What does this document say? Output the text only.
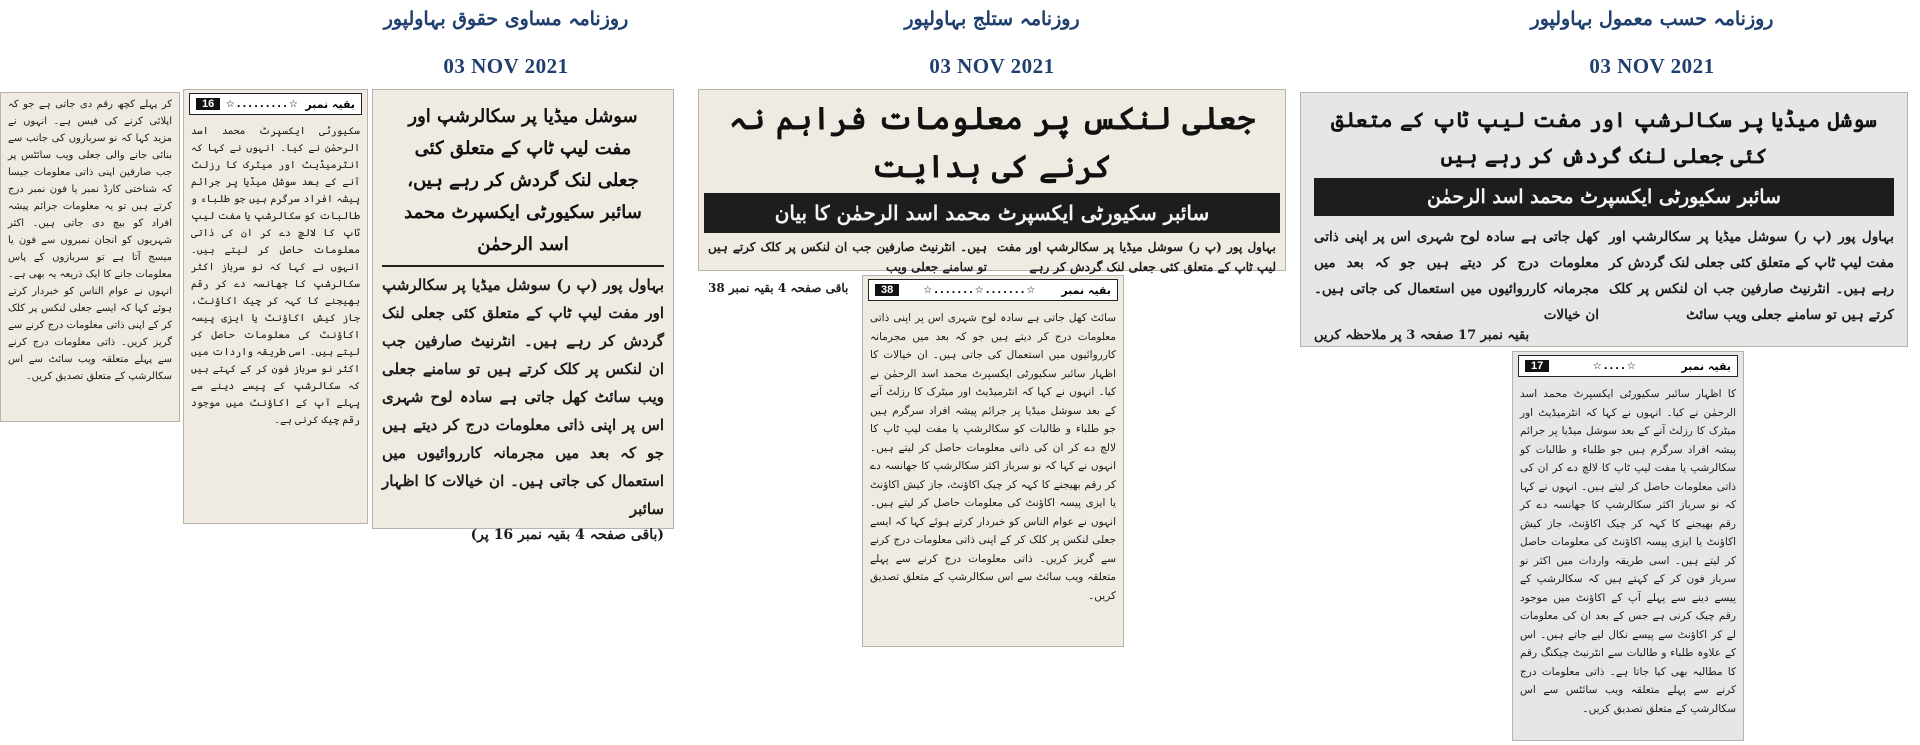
روزنامہ مساوی حقوق بہاولپور
03 NOV 2021
روزنامہ ستلج بہاولپور
03 NOV 2021
روزنامہ حسب معمول بہاولپور
03 NOV 2021
کر پہلے کچھ رقم دی جاتی ہے جو کہ اپلائی کرنے کی فیس ہے۔ انہوں نے مزید کہا کہ نو سربازوں کی جانب سے بنائی جانے والی جعلی ویب سائٹس پر جب صارفین اپنی ذاتی معلومات جیسا کہ شناختی کارڈ نمبر یا فون نمبر درج کرتے ہیں تو یہ معلومات جرائم پیشہ افراد کو بیچ دی جاتی ہیں۔ اکثر شہریوں کو انجان نمبروں سے فون یا میسج آتا ہے تو سربازوں کے پاس معلومات جانے کا ایک ذریعہ یہ بھی ہے۔ انہوں نے عوام الناس کو خبردار کرتے ہوئے کہا کہ ایسے جعلی لنکس پر کلک کر کے اپنی ذاتی معلومات درج کرنے سے گریز کریں۔ ذاتی معلومات درج کرنے سے پہلے متعلقہ ویب سائٹ سے اس سکالرشپ کے متعلق تصدیق کریں۔
16	☆.........☆ بقیہ نمبر
سکیورٹی ایکسپرٹ محمد اسد الرحمٰن نے کیا۔ انہوں نے کہا کہ انٹرمیڈیٹ اور میٹرک کا رزلٹ آنے کے بعد سوشل میڈیا پر جرائم پیشہ افراد سرگرم ہیں جو طلباء و طالبات کو سکالرشپ یا مفت لیپ ٹاپ کا لالچ دے کر ان کی ذاتی معلومات حاصل کر لیتے ہیں۔ انہوں نے کہا کہ نو سرباز اکثر سکالرشپ کا جھانسہ دے کر رقم بھیجنے کا کہہ کر چیک اکاؤنٹ، جاز کیش اکاؤنٹ یا ایزی پیسہ اکاؤنٹ کی معلومات حاصل کر لیتے ہیں۔ اسی طریقہ واردات میں اکثر نو سرباز فون کر کے کہتے ہیں کہ سکالرشپ کے پیسے دینے سے پہلے آپ کے اکاؤنٹ میں موجود رقم چیک کرنی ہے۔
سوشل میڈیا پر سکالرشپ اور مفت لیپ ٹاپ کے متعلق کئی جعلی لنک گردش کر رہے ہیں، سائبر سکیورٹی ایکسپرٹ محمد اسد الرحمٰن
بہاول پور (پ ر) سوشل میڈیا پر سکالرشپ اور مفت لیپ ٹاپ کے متعلق کئی جعلی لنک گردش کر رہے ہیں۔ انٹرنیٹ صارفین جب ان لنکس پر کلک کرتے ہیں تو سامنے جعلی ویب سائٹ کھل جاتی ہے سادہ لوح شہری اس پر اپنی ذاتی معلومات درج کر دیتے ہیں جو کہ بعد میں مجرمانہ کارروائیوں میں استعمال کی جاتی ہیں۔ ان خیالات کا اظہار سائبر
(باقی صفحہ 4 بقیہ نمبر 16 پر)
جعلی لنکس پر معلومات فراہم نہ کرنے کی ہدایت
سائبر سکیورٹی ایکسپرٹ محمد اسد الرحمٰن کا بیان
بہاول پور (پ ر) سوشل میڈیا پر سکالرشپ اور مفت لیپ ٹاپ کے متعلق کئی جعلی لنک گردش کر رہے
ہیں۔ انٹرنیٹ صارفین جب ان لنکس پر کلک کرتے ہیں تو سامنے جعلی ویب
باقی صفحہ 4 بقیہ نمبر 38	38	☆.......☆.......☆ بقیہ نمبر
سائٹ کھل جاتی ہے سادہ لوح شہری اس پر اپنی ذاتی معلومات درج کر دیتے ہیں جو کہ بعد میں مجرمانہ کارروائیوں میں استعمال کی جاتی ہیں۔ ان خیالات کا اظہار سائبر سکیورٹی ایکسپرٹ محمد اسد الرحمٰن نے کیا۔ انہوں نے کہا کہ انٹرمیڈیٹ اور میٹرک کا رزلٹ آنے کے بعد سوشل میڈیا پر جرائم پیشہ افراد سرگرم ہیں جو طلباء و طالبات کو سکالرشپ یا مفت لیپ ٹاپ کا لالچ دے کر ان کی ذاتی معلومات حاصل کر لیتے ہیں۔ انہوں نے کہا کہ نو سرباز اکثر سکالرشپ کا جھانسہ دے کر رقم بھیجنے کا کہہ کر چیک اکاؤنٹ، جاز کیش اکاؤنٹ یا ایزی پیسہ اکاؤنٹ کی معلومات حاصل کر لیتے ہیں۔ انہوں نے عوام الناس کو خبردار کرتے ہوئے کہا کہ ایسے جعلی لنکس پر کلک کر کے اپنی ذاتی معلومات درج کرنے سے گریز کریں۔ ذاتی معلومات درج کرنے سے پہلے متعلقہ ویب سائٹ سے اس سکالرشپ کے متعلق تصدیق کریں۔
سوشل میڈیا پر سکالرشپ اور مفت لیپ ٹاپ کے متعلق کئی جعلی لنک گردش کر رہے ہیں
سائبر سکیورٹی ایکسپرٹ محمد اسد الرحمٰن
بہاول پور (پ ر) سوشل میڈیا پر سکالرشپ اور مفت لیپ ٹاپ کے متعلق کئی جعلی لنک گردش کر رہے ہیں۔ انٹرنیٹ صارفین جب ان لنکس پر کلک کرتے ہیں تو سامنے جعلی ویب سائٹ
کھل جاتی ہے سادہ لوح شہری اس پر اپنی ذاتی معلومات درج کر دیتے ہیں جو کہ بعد میں مجرمانہ کارروائیوں میں استعمال کی جاتی ہیں۔ ان خیالات
بقیہ نمبر 17 صفحہ 3 پر ملاحظہ کریں
17	☆....☆	بقیہ نمبر
کا اظہار سائبر سکیورٹی ایکسپرٹ محمد اسد الرحمٰن نے کیا۔ انہوں نے کہا کہ انٹرمیڈیٹ اور میٹرک کا رزلٹ آنے کے بعد سوشل میڈیا پر جرائم پیشہ افراد سرگرم ہیں جو طلباء و طالبات کو سکالرشپ یا مفت لیپ ٹاپ کا لالچ دے کر ان کی ذاتی معلومات حاصل کر لیتے ہیں۔ انہوں نے کہا کہ نو سرباز اکثر سکالرشپ کا جھانسہ دے کر رقم بھیجنے کا کہہ کر چیک اکاؤنٹ، جاز کیش اکاؤنٹ یا ایزی پیسہ اکاؤنٹ کی معلومات حاصل کر لیتے ہیں۔ اسی طریقہ واردات میں اکثر نو سرباز فون کر کے کہتے ہیں کہ سکالرشپ کے پیسے دینے سے پہلے آپ کے اکاؤنٹ میں موجود رقم چیک کرنی ہے جس کے بعد ان کی معلومات لے کر اکاؤنٹ سے پیسے نکال لیے جاتے ہیں۔ اس کے علاوہ طلباء و طالبات سے انٹرنیٹ چیکنگ رقم کا مطالبہ بھی کیا جاتا ہے۔ ذاتی معلومات درج کرنے سے پہلے متعلقہ ویب سائٹس سے اس سکالرشپ کے متعلق تصدیق کریں۔
